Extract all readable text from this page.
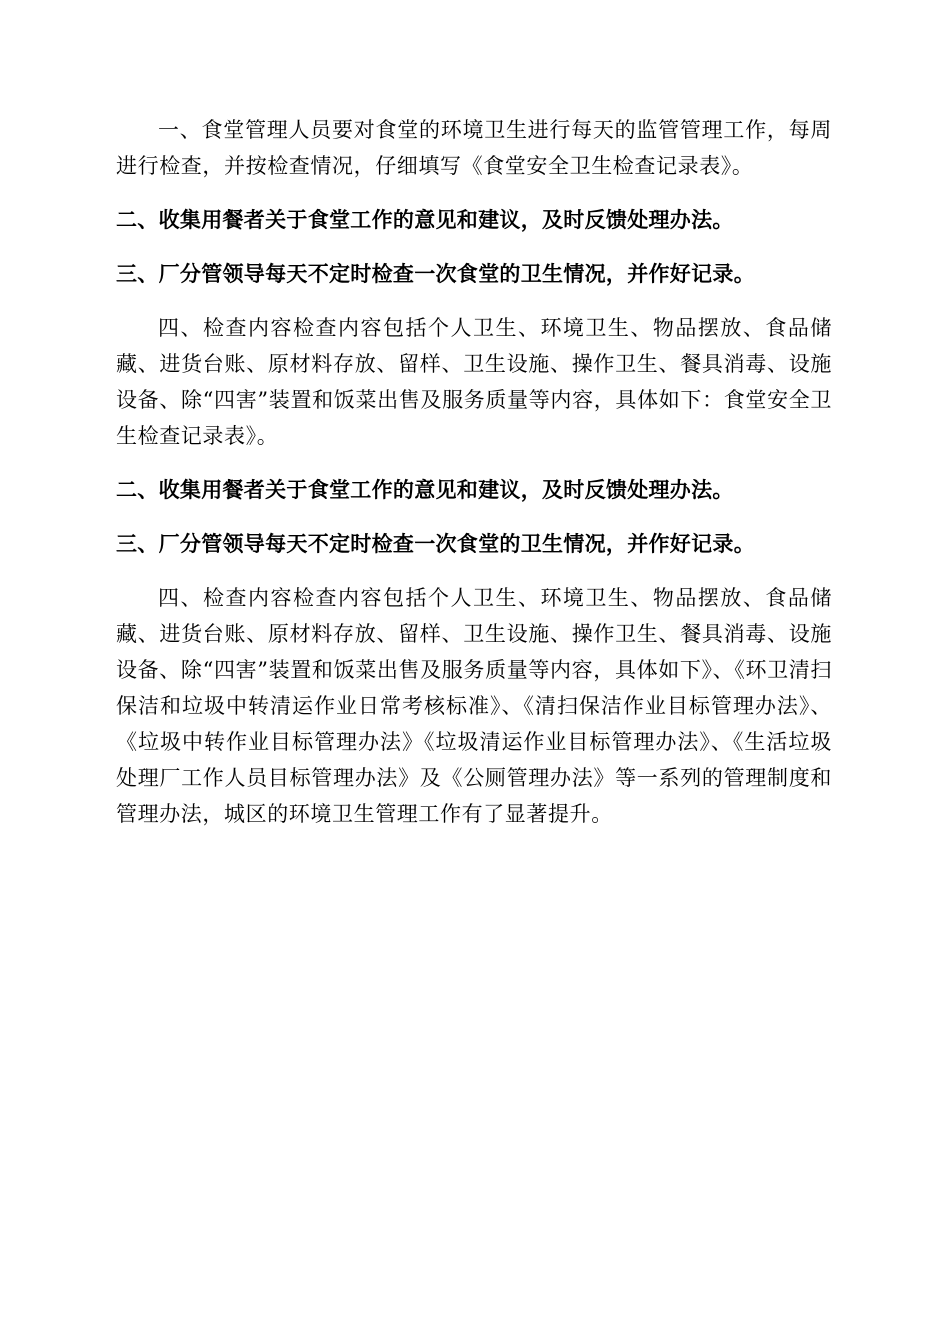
一、食堂管理人员要对食堂的环境卫生进行每天的监管管理工作，每周进行检查，并按检查情况，仔细填写《食堂安全卫生检查记录表》。

二、收集用餐者关于食堂工作的意见和建议，及时反馈处理办法。

三、厂分管领导每天不定时检查一次食堂的卫生情况，并作好记录。

四、检查内容检查内容包括个人卫生、环境卫生、物品摆放、食品储藏、进货台账、原材料存放、留样、卫生设施、操作卫生、餐具消毒、设施设备、除“四害”装置和饭菜出售及服务质量等内容，具体如下：食堂安全卫生检查记录表》。

二、收集用餐者关于食堂工作的意见和建议，及时反馈处理办法。

三、厂分管领导每天不定时检查一次食堂的卫生情况，并作好记录。

四、检查内容检查内容包括个人卫生、环境卫生、物品摆放、食品储藏、进货台账、原材料存放、留样、卫生设施、操作卫生、餐具消毒、设施设备、除“四害”装置和饭菜出售及服务质量等内容，具体如下》、《环卫清扫保洁和垃圾中转清运作业日常考核标准》、《清扫保洁作业目标管理办法》、《垃圾中转作业目标管理办法》《垃圾清运作业目标管理办法》、《生活垃圾处理厂工作人员目标管理办法》及《公厕管理办法》等一系列的管理制度和管理办法，城区的环境卫生管理工作有了显著提升。
